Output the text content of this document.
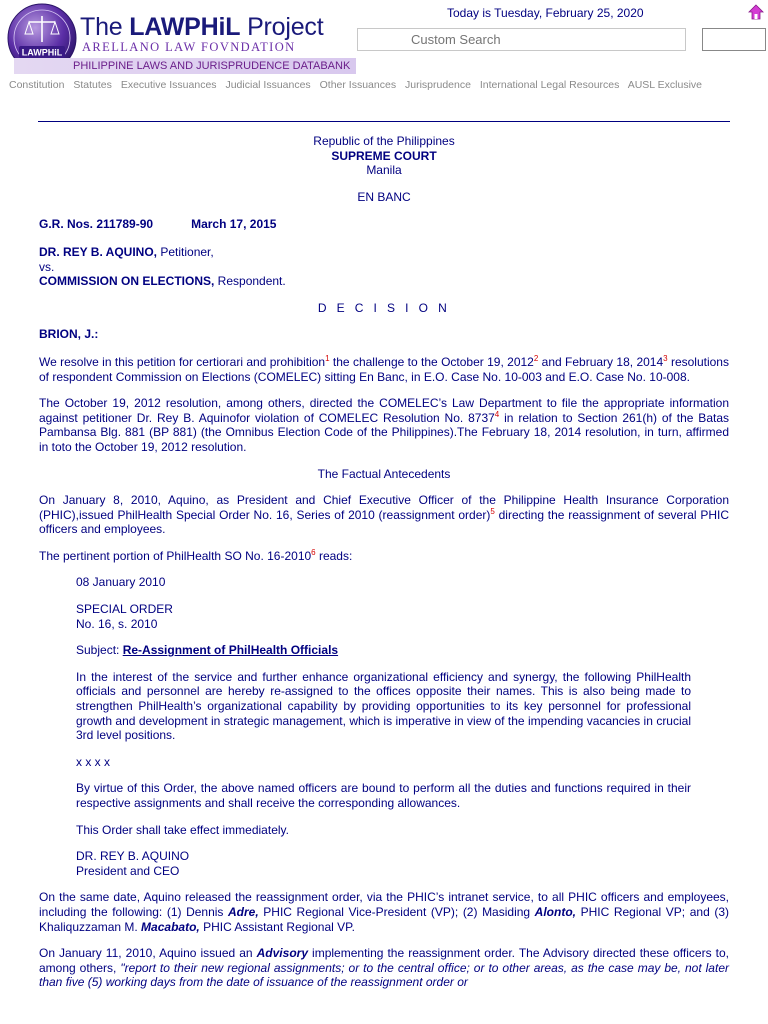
LAWPHiL
The LAWPHiL Project
ARELLANO LAW FOVNDATION
PHILIPPINE LAWS AND JURISPRUDENCE DATABANK
Today is Tuesday, February 25, 2020
Custom Search
Constitution Statutes Executive Issuances Judicial Issuances Other Issuances Jurisprudence International Legal Resources AUSL Exclusive

Republic of the Philippines

SUPREME COURT

Manila

EN BANC

G.R. Nos. 211789-90	March 17, 2015

DR. REY B. AQUINO, Petitioner,

vs.

COMMISSION ON ELECTIONS, Respondent.

D E C I S I O N

BRION, J.:

We resolve in this petition for certiorari and prohibition$^1$ the challenge to the October 19, 2012$^2$ and February 18, 2014$^3$ resolutions of respondent Commission on Elections (COMELEC) sitting En Banc, in E.O. Case No. 10-003 and E.O. Case No. 10-008.

The October 19, 2012 resolution, among others, directed the COMELEC’s Law Department to file the appropriate information against petitioner Dr. Rey B. Aquinofor violation of COMELEC Resolution No. 8737$^4$ in relation to Section 261(h) of the Batas Pambansa Blg. 881 (BP 881) (the Omnibus Election Code of the Philippines).The February 18, 2014 resolution, in turn, affirmed in toto the October 19, 2012 resolution.

The Factual Antecedents

On January 8, 2010, Aquino, as President and Chief Executive Officer of the Philippine Health Insurance Corporation (PHIC),issued PhilHealth Special Order No. 16, Series of 2010 (reassignment order)$^5$ directing the reassignment of several PHIC officers and employees.

The pertinent portion of PhilHealth SO No. 16-2010$^6$ reads:

08 January 2010

SPECIAL ORDER

No. 16, s. 2010

Subject: Re-Assignment of PhilHealth Officials

In the interest of the service and further enhance organizational efficiency and synergy, the following PhilHealth officials and personnel are hereby re-assigned to the offices opposite their names. This is also being made to strengthen PhilHealth’s organizational capability by providing opportunities to its key personnel for professional growth and development in strategic management, which is imperative in view of the impending vacancies in crucial 3rd level positions.

x x x x

By virtue of this Order, the above named officers are bound to perform all the duties and functions required in their respective assignments and shall receive the corresponding allowances.

This Order shall take effect immediately.

DR. REY B. AQUINO

President and CEO

On the same date, Aquino released the reassignment order, via the PHIC’s intranet service, to all PHIC officers and employees, including the following: (1) Dennis Adre, PHIC Regional Vice-President (VP); (2) Masiding Alonto, PHIC Regional VP; and (3) Khaliquzzaman M. Macabato, PHIC Assistant Regional VP.

On January 11, 2010, Aquino issued an Advisory implementing the reassignment order. The Advisory directed these officers to, among others, "report to their new regional assignments; or to the central office; or to other areas, as the case may be, not later than five (5) working days from the date of issuance of the reassignment order or
